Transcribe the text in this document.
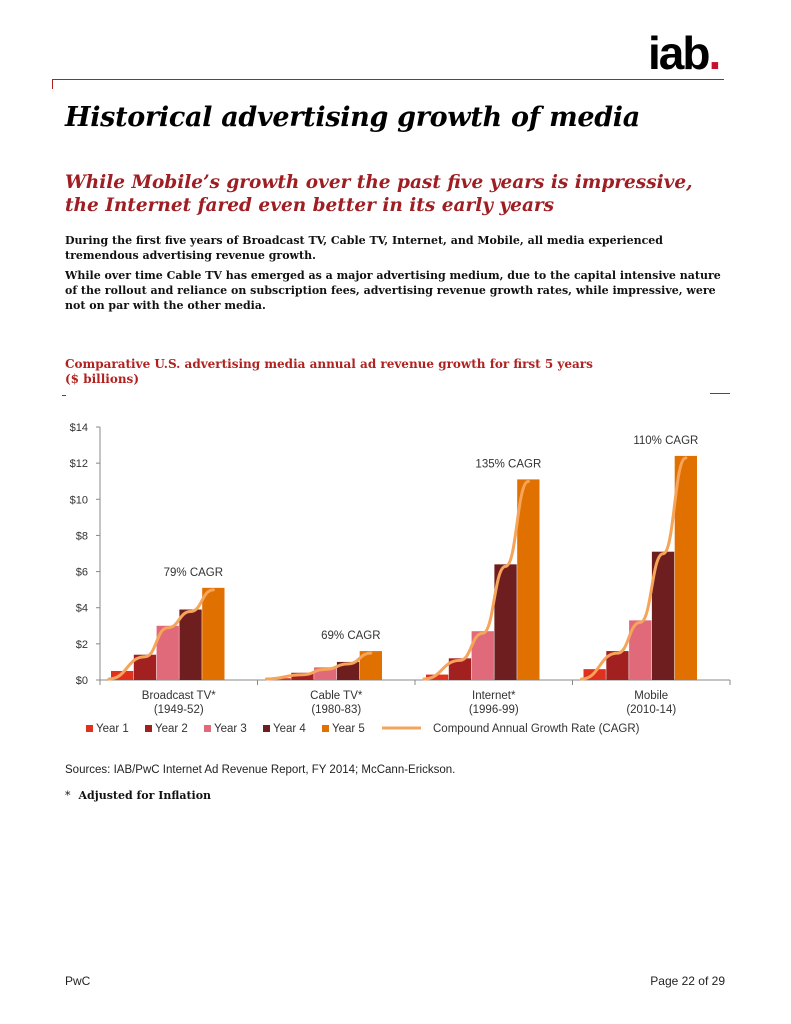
iab.
Historical advertising growth of media
While Mobile’s growth over the past five years is impressive,
the Internet fared even better in its early years
During the first five years of Broadcast TV, Cable TV, Internet, and Mobile, all media experienced tremendous advertising revenue growth.
While over time Cable TV has emerged as a major advertising medium, due to the capital intensive nature of the rollout and reliance on subscription fees, advertising revenue growth rates, while impressive, were not on par with the other media.
Comparative U.S. advertising media annual ad revenue growth for first 5 years
($ billions)
$0
$2
$4
$6
$8
$10
$12
$14
Broadcast TV*
(1949-52)
Cable TV*
(1980-83)
Internet*
(1996-99)
Mobile
(2010-14)
79% CAGR
69% CAGR
135% CAGR
110% CAGR
Year 1 Year 2 Year 3 Year 4 Year 5	Compound Annual Growth Rate (CAGR)
Sources: IAB/PwC Internet Ad Revenue Report, FY 2014; McCann-Erickson.
* Adjusted for Inflation
PwC	Page 22 of 29
